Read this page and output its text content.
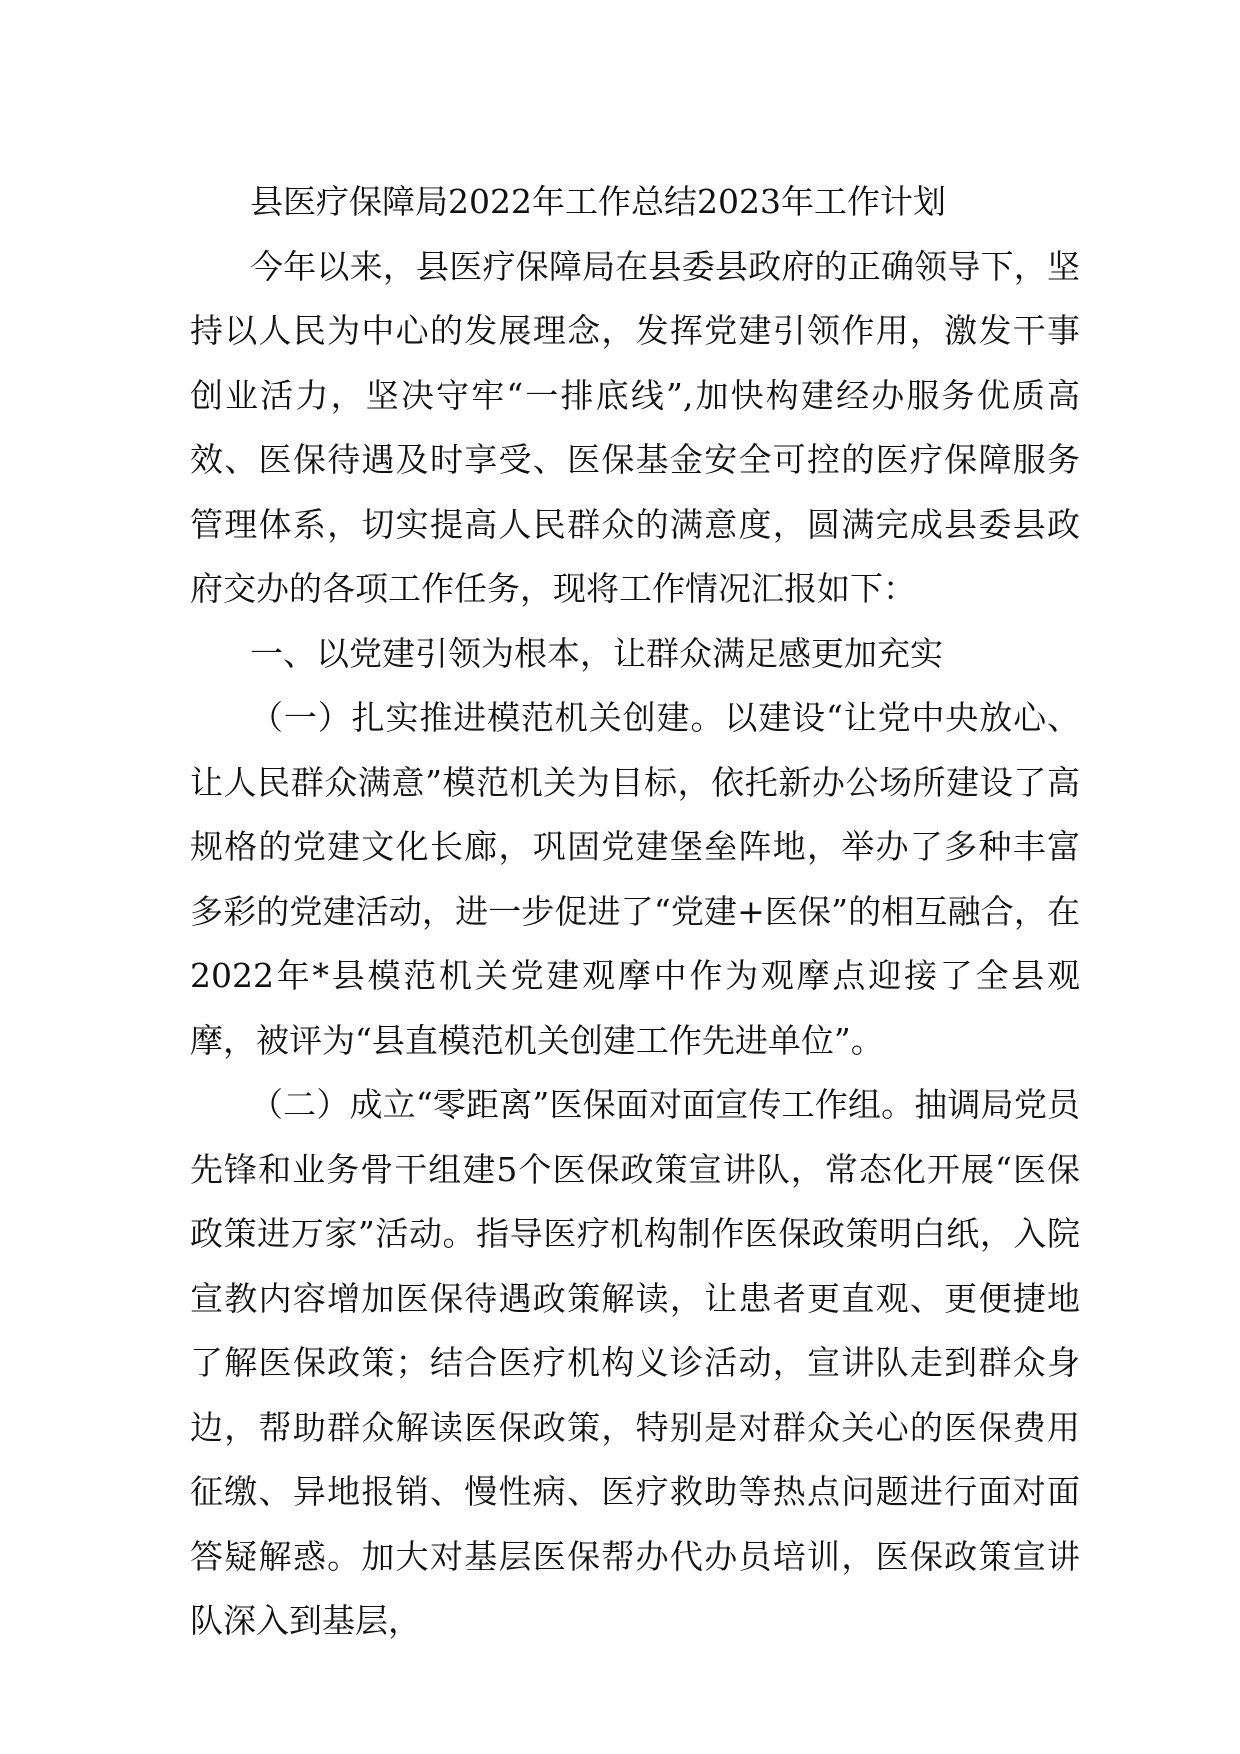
县医疗保障局2022年工作总结2023年工作计划

今年以来，县医疗保障局在县委县政府的正确领导下，坚持以人民为中心的发展理念，发挥党建引领作用，激发干事创业活力，坚决守牢“一排底线”,加快构建经办服务优质高效、医保待遇及时享受、医保基金安全可控的医疗保障服务管理体系，切实提高人民群众的满意度，圆满完成县委县政府交办的各项工作任务，现将工作情况汇报如下：

一、以党建引领为根本，让群众满足感更加充实

（一）扎实推进模范机关创建。以建设“让党中央放心、让人民群众满意”模范机关为目标，依托新办公场所建设了高规格的党建文化长廊，巩固党建堡垒阵地，举办了多种丰富多彩的党建活动，进一步促进了“党建+医保”的相互融合，在2022年*县模范机关党建观摩中作为观摩点迎接了全县观摩，被评为“县直模范机关创建工作先进单位”。

（二）成立“零距离”医保面对面宣传工作组。抽调局党员先锋和业务骨干组建5个医保政策宣讲队，常态化开展“医保政策进万家”活动。指导医疗机构制作医保政策明白纸，入院宣教内容增加医保待遇政策解读，让患者更直观、更便捷地了解医保政策；结合医疗机构义诊活动，宣讲队走到群众身边，帮助群众解读医保政策，特别是对群众关心的医保费用征缴、异地报销、慢性病、医疗救助等热点问题进行面对面答疑解惑。加大对基层医保帮办代办员培训，医保政策宣讲队深入到基层，
